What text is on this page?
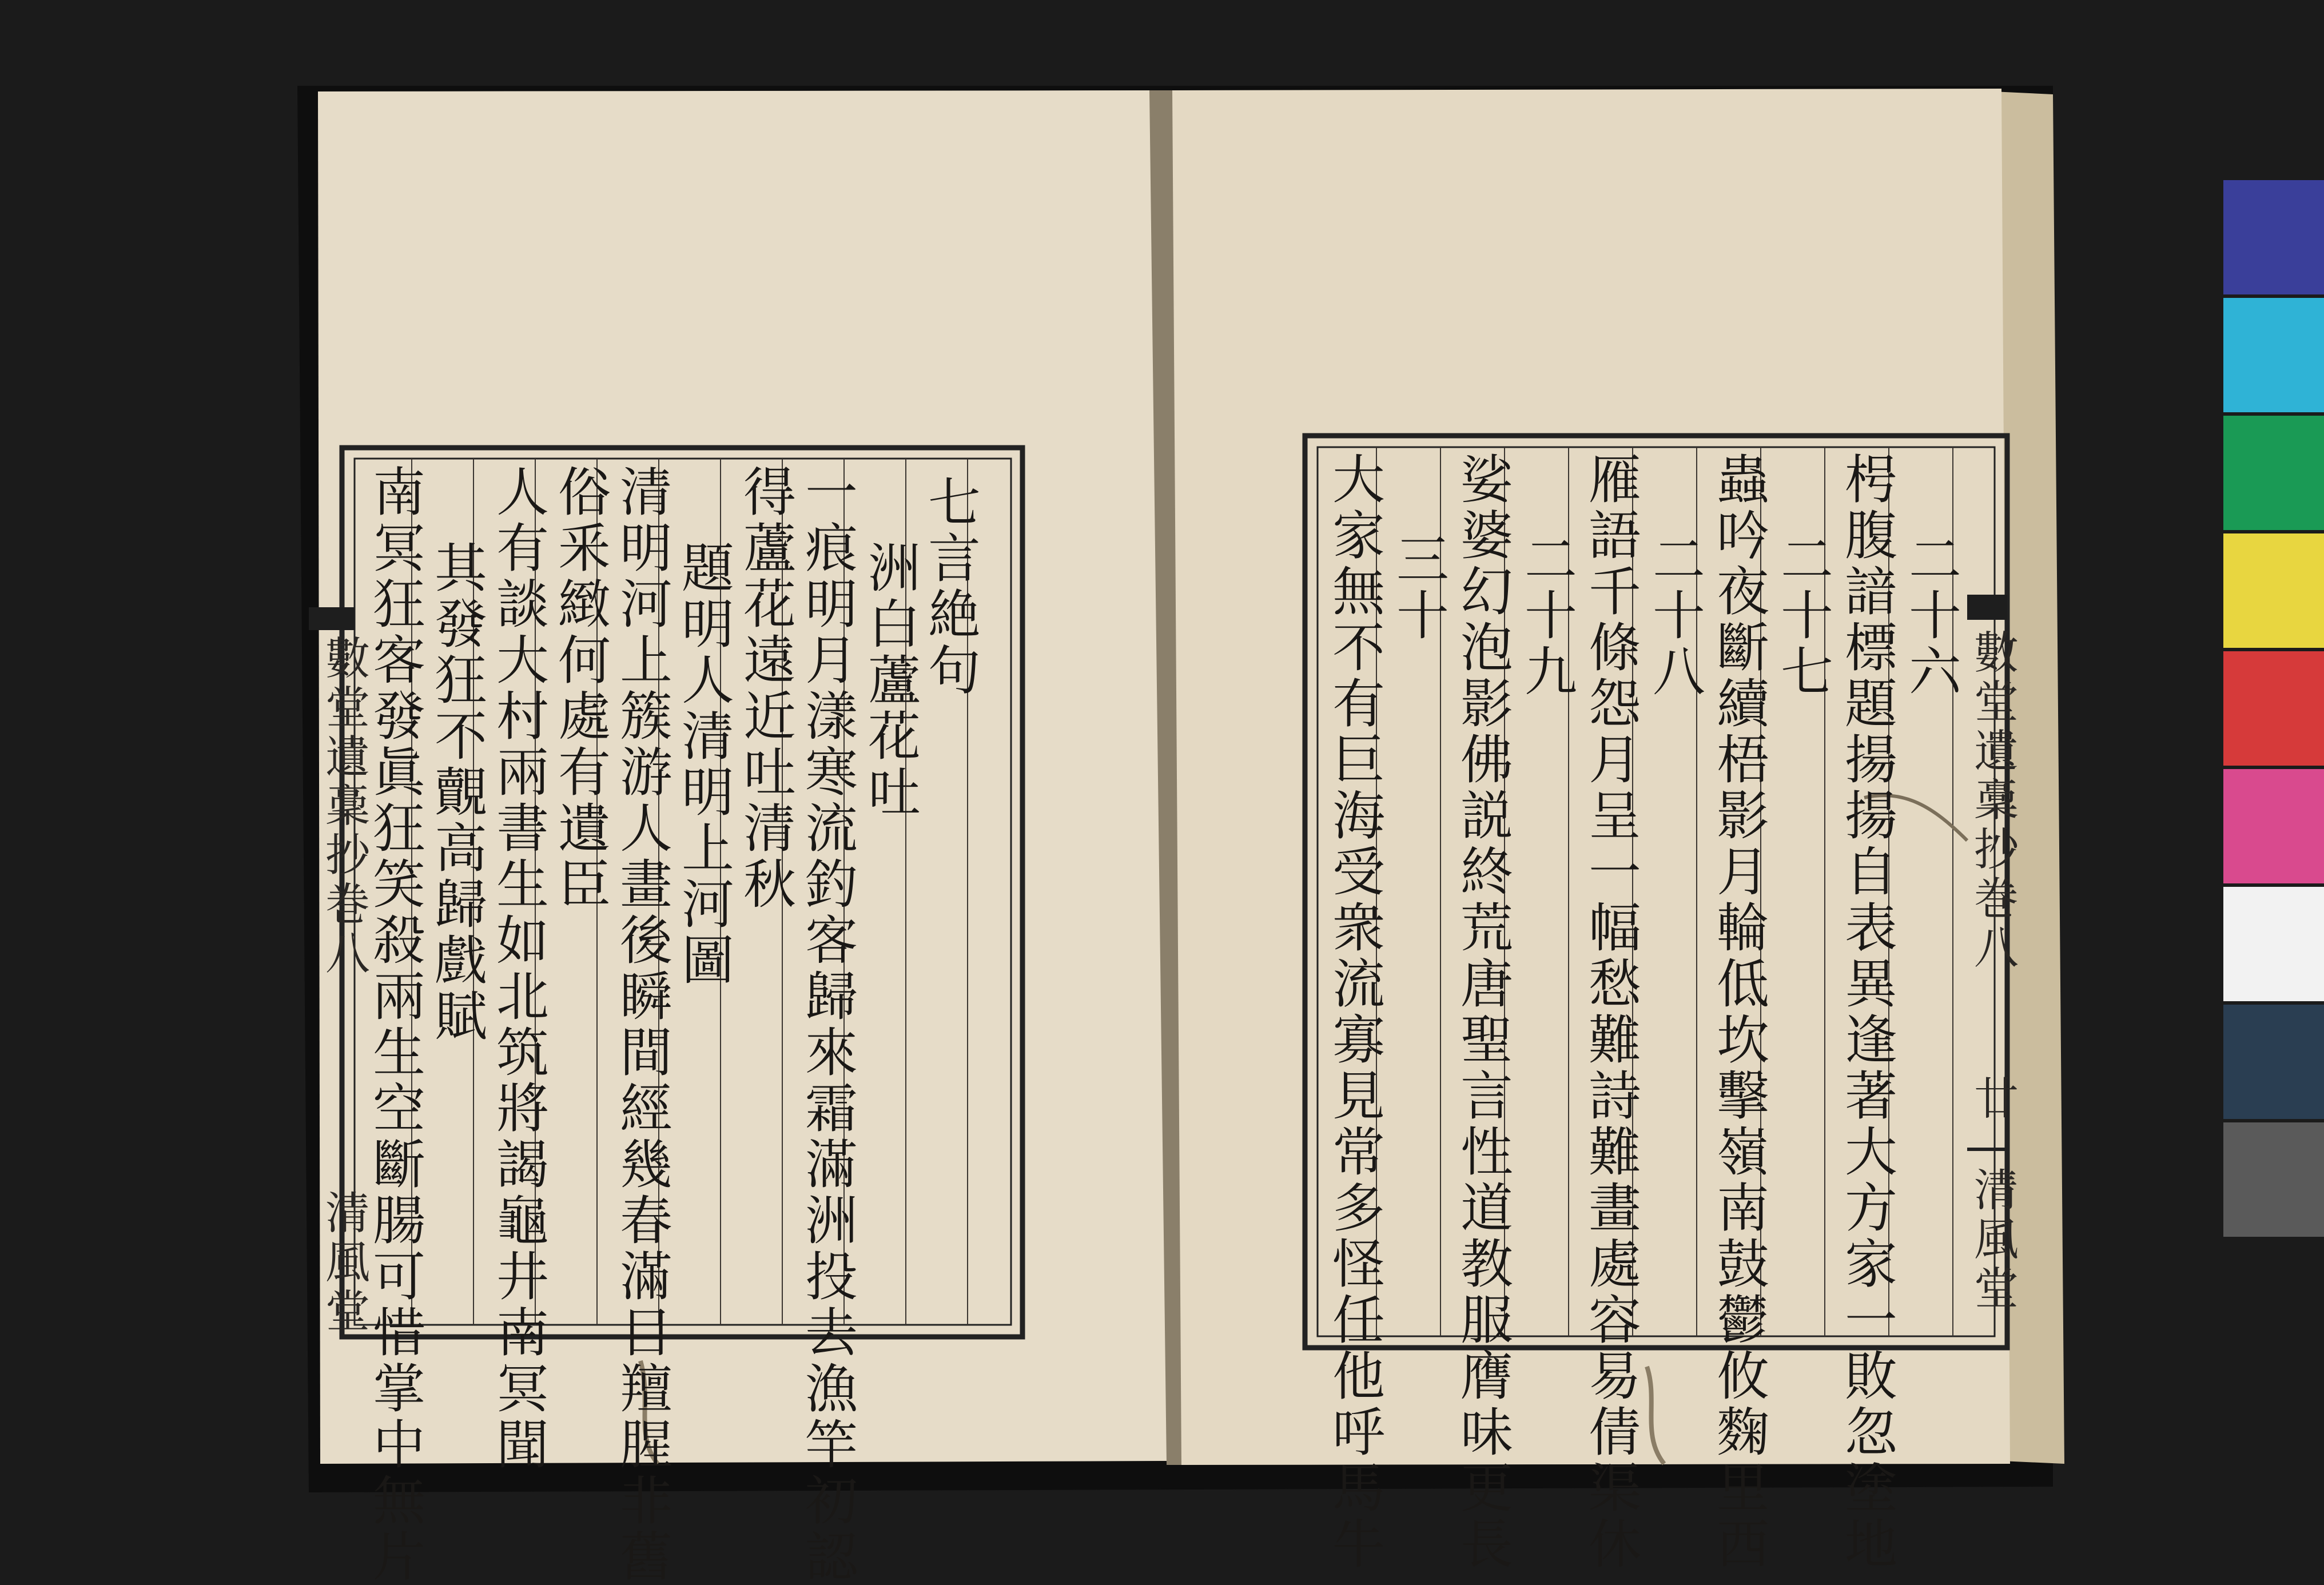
七言絶句
洲白蘆花吐
一痕明月漾寒流釣客歸來霜滿洲投去漁竿初認
得蘆花遠近吐清秋
題明人清明上河圖
清明河上簇游人畫後瞬間經幾春滿目羶腥非舊
俗釆緻何處有遺臣
人有談大村兩書生如北筑將謁龜井南冥聞
其發狂不覿高歸戲賦
南冥狂客發眞狂笑殺兩生空斷腸可惜掌中無片
數堂遺稾抄巻八
清風堂
二十六
枵腹諳標題揚揚自表異逢著大方家一敗忽塗地
二十七
蟲吟夜斷續梧影月輪低坎擊嶺南鼓鬱攸麴里西
二十八
雁語千條怨月呈一幅愁難詩難畫處容易倩渠休
二十九
娑婆幻泡影佛説終荒唐聖言性道教服膺味更長
三十
大家無不有巨海受衆流寡見常多怪任他呼馬牛	數堂遺稾抄巻八
廿
清風堂
